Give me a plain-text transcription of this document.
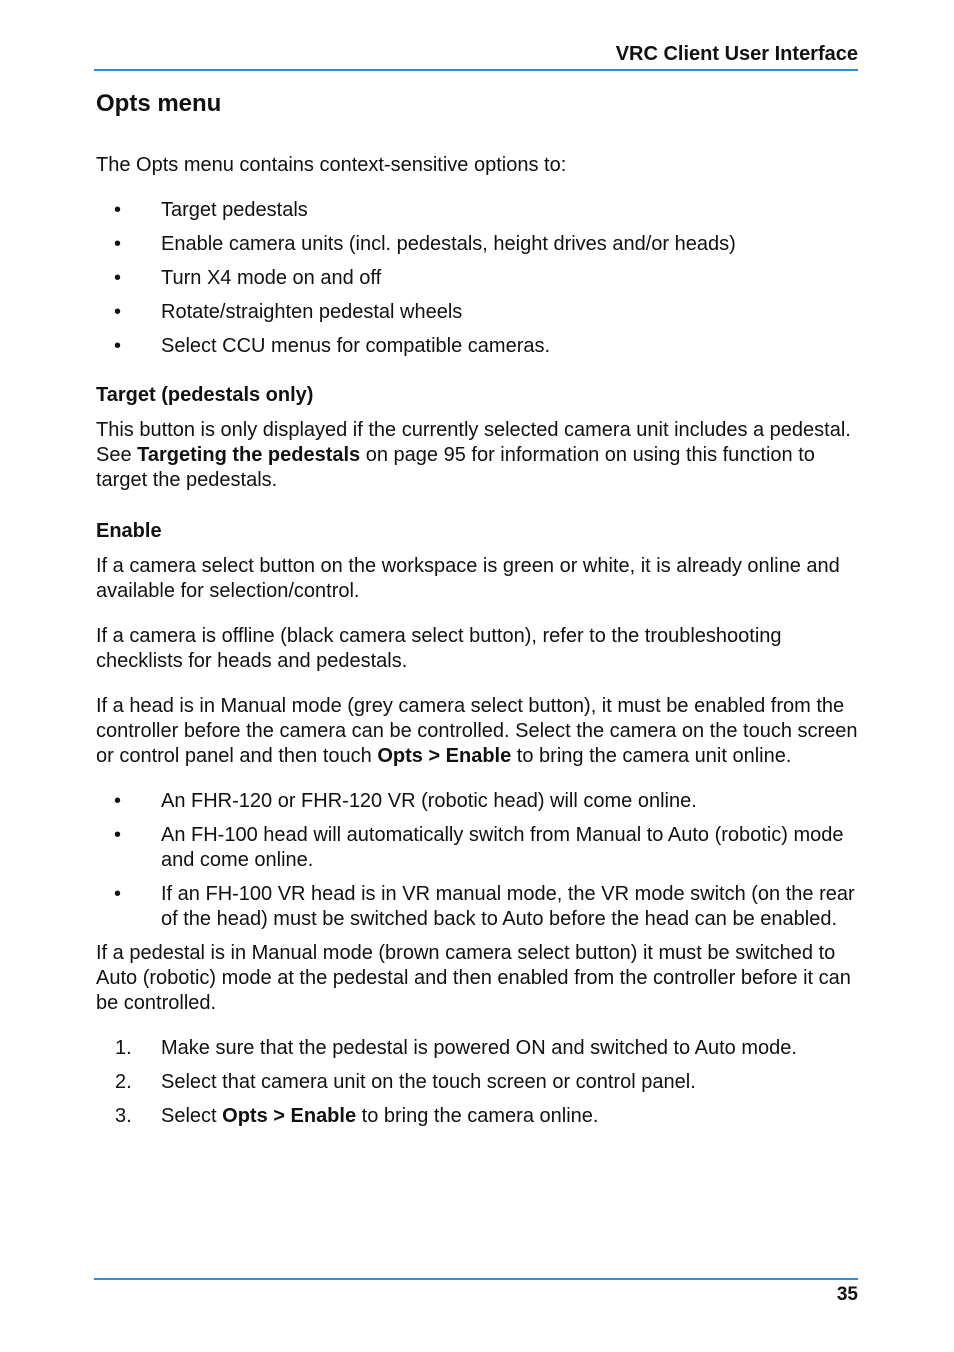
VRC Client User Interface
Opts menu

The Opts menu contains context-sensitive options to:

• Target pedestals
• Enable camera units (incl. pedestals, height drives and/or heads)
• Turn X4 mode on and off
• Rotate/straighten pedestal wheels
• Select CCU menus for compatible cameras.
Target (pedestals only)

This button is only displayed if the currently selected camera unit includes a pedestal. See Targeting the pedestals on page 95 for information on using this function to target the pedestals.

Enable

If a camera select button on the workspace is green or white, it is already online and available for selection/control.

If a camera is offline (black camera select button), refer to the troubleshooting checklists for heads and pedestals.

If a head is in Manual mode (grey camera select button), it must be enabled from the controller before the camera can be controlled. Select the camera on the touch screen or control panel and then touch Opts > Enable to bring the camera unit online.

• An FHR-120 or FHR-120 VR (robotic head) will come online.
• An FH-100 head will automatically switch from Manual to Auto (robotic) mode and come online.
• If an FH-100 VR head is in VR manual mode, the VR mode switch (on the rear of the head) must be switched back to Auto before the head can be enabled.

If a pedestal is in Manual mode (brown camera select button) it must be switched to Auto (robotic) mode at the pedestal and then enabled from the controller before it can be controlled.

1. Make sure that the pedestal is powered ON and switched to Auto mode.
2. Select that camera unit on the touch screen or control panel.
3. Select Opts > Enable to bring the camera online.
35
